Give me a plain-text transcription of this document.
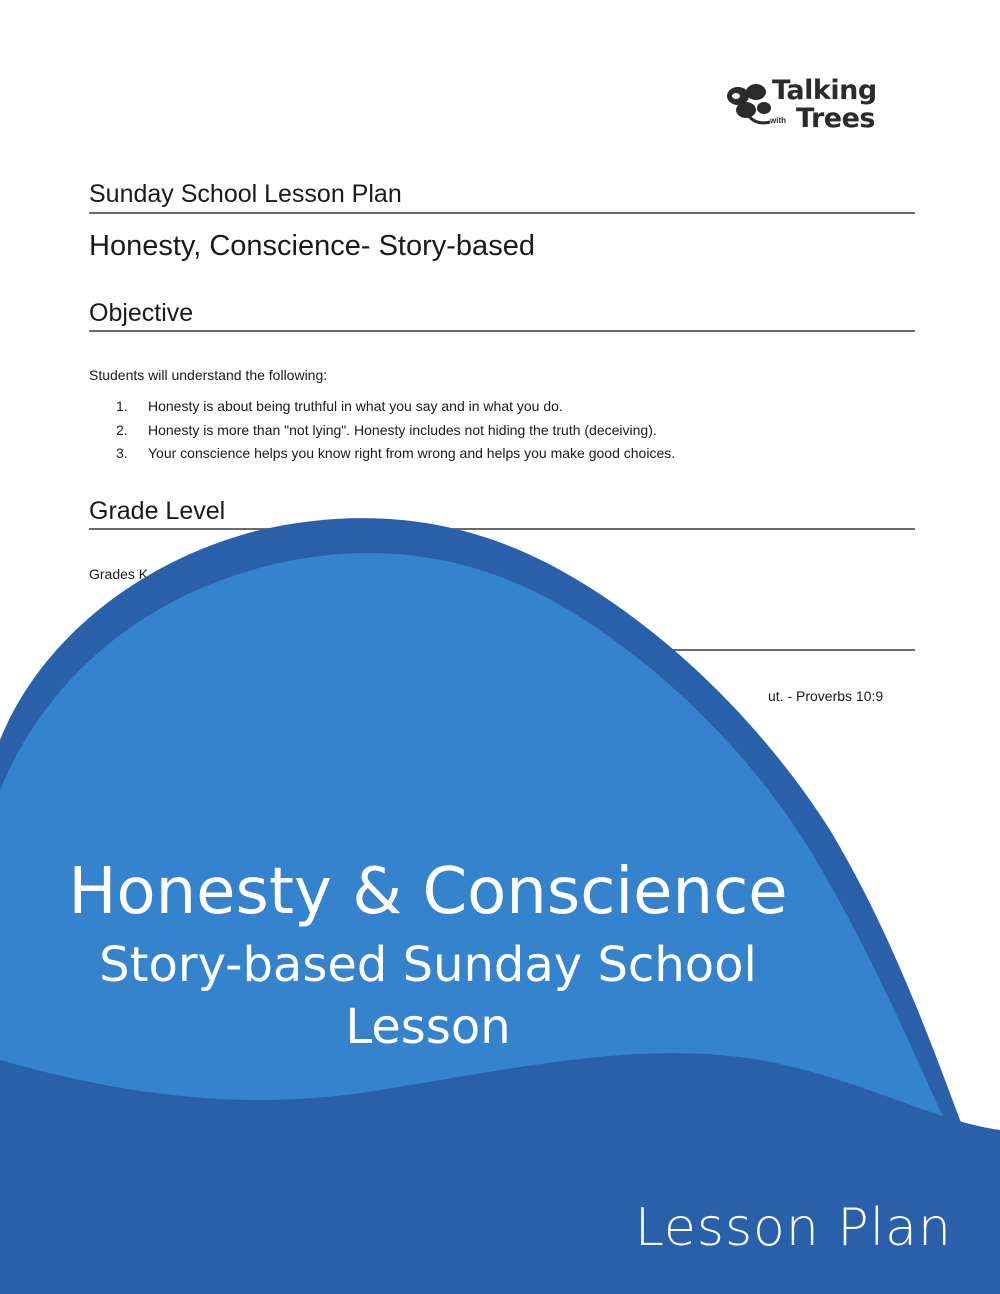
Talking
with Trees
Sunday School Lesson Plan
Honesty, Conscience- Story-based
Objective
Students will understand the following:
1. Honesty is about being truthful in what you say and in what you do.
2. Honesty is more than "not lying". Honesty includes not hiding the truth (deceiving).
3. Your conscience helps you know right from wrong and helps you make good choices.
Grade Level
Grades K
ut. - Proverbs 10:9
Honesty & Conscience
Story-based Sunday School
Lesson
Lesson Plan
